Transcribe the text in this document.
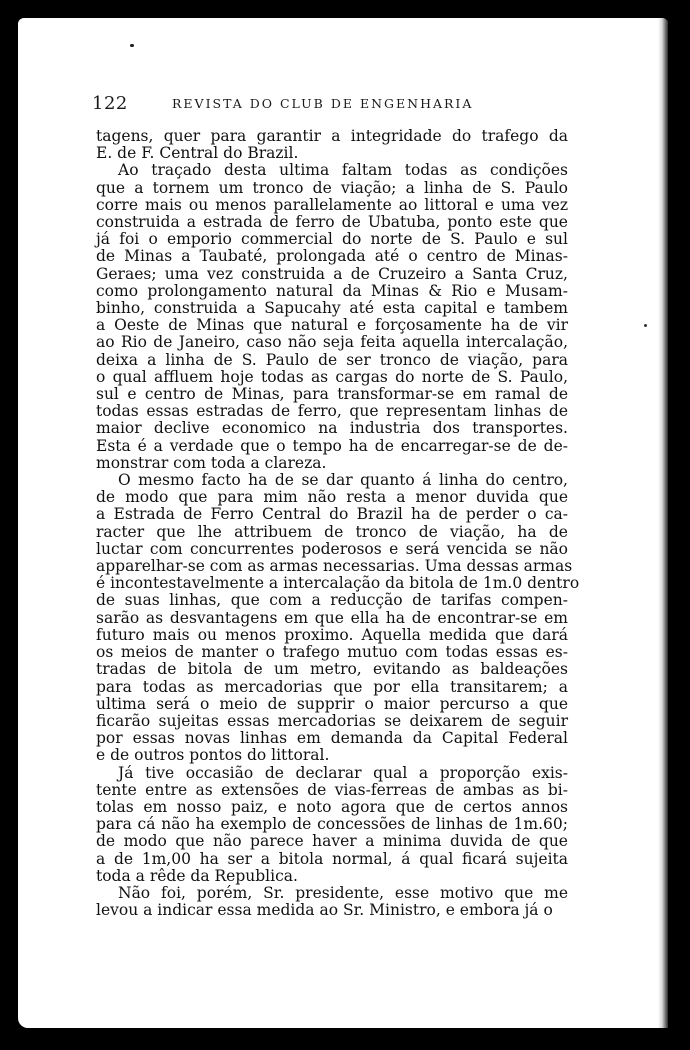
122	REVISTA DO CLUB DE ENGENHARIA
tagens, quer para garantir a integridade do trafego da
E. de F. Central do Brazil.
Ao traçado desta ultima faltam todas as condições
que a tornem um tronco de viação; a linha de S. Paulo
corre mais ou menos parallelamente ao littoral e uma vez
construida a estrada de ferro de Ubatuba, ponto este que
já foi o emporio commercial do norte de S. Paulo e sul
de Minas a Taubaté, prolongada até o centro de Minas-
Geraes; uma vez construida a de Cruzeiro a Santa Cruz,
como prolongamento natural da Minas & Rio e Musam-
binho, construida a Sapucahy até esta capital e tambem
a Oeste de Minas que natural e forçosamente ha de vir
ao Rio de Janeiro, caso não seja feita aquella intercalação,
deixa a linha de S. Paulo de ser tronco de viação, para
o qual affluem hoje todas as cargas do norte de S. Paulo,
sul e centro de Minas, para transformar-se em ramal de
todas essas estradas de ferro, que representam linhas de
maior declive economico na industria dos transportes.
Esta é a verdade que o tempo ha de encarregar-se de de-
monstrar com toda a clareza.
O mesmo facto ha de se dar quanto á linha do centro,
de modo que para mim não resta a menor duvida que
a Estrada de Ferro Central do Brazil ha de perder o ca-
racter que lhe attribuem de tronco de viação, ha de
luctar com concurrentes poderosos e será vencida se não
apparelhar-se com as armas necessarias. Uma dessas armas
é incontestavelmente a intercalação da bitola de 1m.0 dentro
de suas linhas, que com a reducção de tarifas compen-
sarão as desvantagens em que ella ha de encontrar-se em
futuro mais ou menos proximo. Aquella medida que dará
os meios de manter o trafego mutuo com todas essas es-
tradas de bitola de um metro, evitando as baldeações
para todas as mercadorias que por ella transitarem; a
ultima será o meio de supprir o maior percurso a que
ficarão sujeitas essas mercadorias se deixarem de seguir
por essas novas linhas em demanda da Capital Federal
e de outros pontos do littoral.
Já tive occasião de declarar qual a proporção exis-
tente entre as extensões de vias-ferreas de ambas as bi-
tolas em nosso paiz, e noto agora que de certos annos
para cá não ha exemplo de concessões de linhas de 1m.60;
de modo que não parece haver a minima duvida de que
a de 1m,00 ha ser a bitola normal, á qual ficará sujeita
toda a rêde da Republica.
Não foi, porém, Sr. presidente, esse motivo que me
levou a indicar essa medida ao Sr. Ministro, e embora já o
